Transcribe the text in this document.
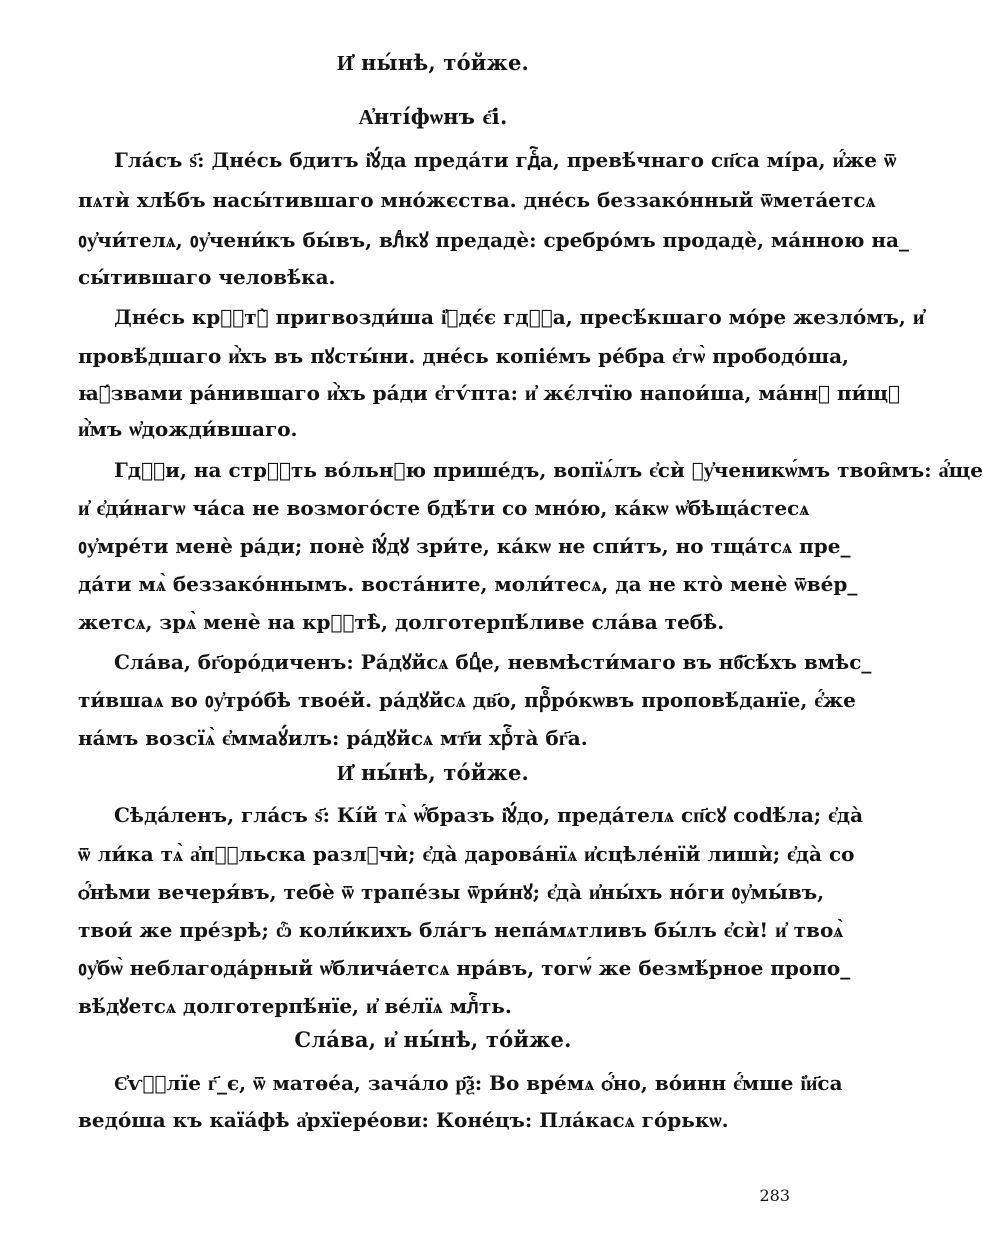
И҆ ны́нѣ, то́йже.
А҆нті́фѡнъ є҃і.
Гла́съ ѕ҃: Дне́сь бдитъ і҆ꙋ́да преда́ти гдⷭ҇а, превѣ́чнаго сп҃са мі́ра, и҆́же ѿ
пѧтѝ хлѣ́бъ насы́тившаго мно́жєства. дне́сь беззако́нный ѿмета́етсѧ
ᲂу҆чи́телѧ, ᲂу҆чени́къ бы́въ, влⷣкꙋ предадѐ: сребро́мъ продадѐ, ма́нною на_
сы́тившаго человѣ́ка.
Дне́сь крⷭ҇тꙋ̀ пригвозди́ша і҆ꙋдє́є гдⷭ҇а, пресѣ́кшаго мо́ре жезло́мъ, и҆
провѣ́дшаго и҆̀хъ въ пꙋсты́ни. дне́сь копіе́мъ ре́бра є҆гѡ̀ прободо́ша,
ꙗ҆́звами ра́нившаго и҆̀хъ ра́ди є҆гѵ́пта: и҆ жє́лчїю напои́ша, ма́ннꙋ пи́щꙋ
и҆̀мъ ѡ҆дожди́вшаго.
Гдⷭ҇и, на стрⷭ҇ть во́льнꙋю прише́дъ, вопїѧ́лъ є҆сѝ ᲂу҆ченикѡ́мъ твои̑мъ: а҆́ще
и҆ є҆ди́нагѡ ча́са не возмого́сте бдѣ́ти со мно́ю, ка́кѡ ѡ҆бѣща́стесѧ
ᲂу҆мре́ти менѐ ра́ди; понѐ і҆ꙋ́дꙋ зри́те, ка́кѡ не спи́тъ, но тща́тсѧ пре_
да́ти мѧ̀ беззако́ннымъ. воста́ните, моли́тесѧ, да не кто̀ менѐ ѿве́р_
жетсѧ, зрѧ̀ менѐ на крⷭ҇тѣ̀, долготерпѣ́ливе сла́ва тебѣ̀.
Сла́ва, бг҃оро́диченъ: Ра́дꙋйсѧ бцⷣе, невмѣсти́маго въ нб҃сѣ́хъ вмѣс_
ти́вшаѧ во ᲂу҆тро́бѣ твое́й. ра́дꙋйсѧ дв҃о, прⷪ҇ро́кѡвъ проповѣ́данїе, є҆́же
на́мъ возсїѧ̀ є҆ммаꙋ́илъ: ра́дꙋйсѧ мт҃и хрⷭ҇та̀ бг҃а.
И҆ ны́нѣ, то́йже.
Сѣда́ленъ, гла́съ ѕ҃: Кі́й тѧ̀ ѡ҆́бразъ і҆ꙋ́до, преда́телѧ сп҃сꙋ соdѣ́ла; є҆дà
ѿ ли́ка тѧ̀ а҆пⷭ҇льска разлꙋчѝ; є҆дà дарова́нїѧ и҆сцѣле́нїй лишѝ; є҆дà со
ѻ҆́нѣми вечеря́въ, тебѐ ѿ трапе́зы ѿри́нꙋ; є҆дà и҆ны́хъ но́ги ᲂу҆мы́въ,
твои́ же пре́зрѣ; ѽ коли́кихъ бла́гъ непа́мѧтливъ бы́лъ є҆сѝ! и҆ твоѧ̀
ᲂу҆бѡ̀ неблагода́рный ѡ҆блича́етсѧ нра́въ, тогѡ́ же безмѣ́рное пропо_
вѣ́дꙋетсѧ долготерпѣ́нїе, и҆ ве́лїѧ млⷭ҇ть.
Сла́ва, и҆ ны́нѣ, то́йже.
Є҆ѵⷢ҇лїе г҃_є, ѿ матѳе́а, зача́ло р҃ѯ: Во вре́мѧ ѻ҆́но, во́инн є҆́мше і҆и҃са
ведо́ша къ каїа́фѣ а҆рхїере́ови: Коне́цъ: Пла́касѧ го́рькѡ.
283
